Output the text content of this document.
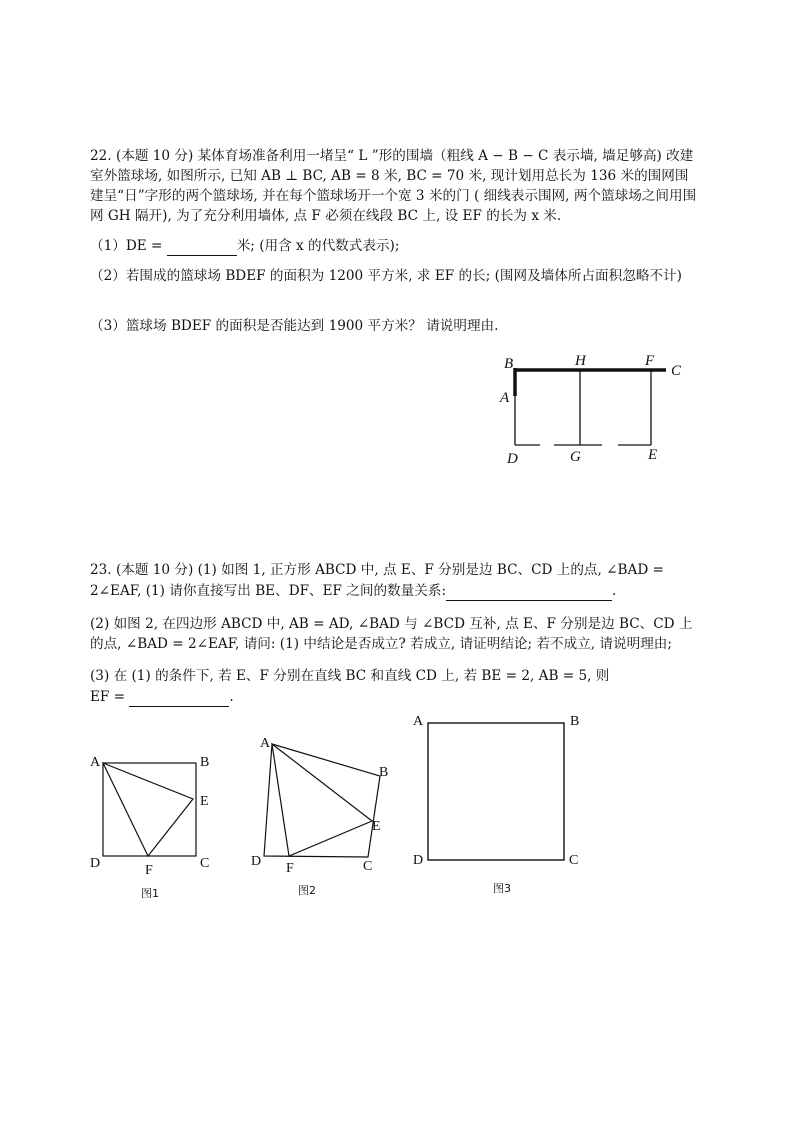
22. (本题 10 分) 某体育场准备利用一堵呈“ L ”形的围墙（粗线 A − B − C 表示墙, 墙足够高) 改建室外篮球场, 如图所示, 已知 AB ⊥ BC, AB = 8 米, BC = 70 米, 现计划用总长为 136 米的围网围建呈“日”字形的两个篮球场, 并在每个篮球场开一个宽 3 米的门 ( 细线表示围网, 两个篮球场之间用围网 GH 隔开), 为了充分利用墙体, 点 F 必须在线段 BC 上, 设 EF 的长为 x 米.

（1）DE =	米; (用含 x 的代数式表示);

（2）若围成的篮球场 BDEF 的面积为 1200 平方米, 求 EF 的长; (围网及墙体所占面积忽略不计)

（3）篮球场 BDEF 的面积是否能达到 1900 平方米？ 请说明理由.

B	H	F
C
A
D	G	E

23. (本题 10 分) (1) 如图 1, 正方形 ABCD 中, 点 E、F 分别是边 BC、CD 上的点, ∠BAD =

2∠EAF, (1) 请你直接写出 BE、DF、EF 之间的数量关系:	.

(2) 如图 2, 在四边形 ABCD 中, AB = AD, ∠BAD 与 ∠BCD 互补, 点 E、F 分别是边 BC、CD 上的点, ∠BAD = 2∠EAF, 请问: (1) 中结论是否成立? 若成立, 请证明结论; 若不成立, 请说明理由;

(3) 在 (1) 的条件下, 若 E、F 分别在直线 BC 和直线 CD 上, 若 BE = 2, AB = 5, 则

EF =	.

A	B
E
D	F	C
图1
A
B
E
D F	C
图2
A	B
D	C
图3
